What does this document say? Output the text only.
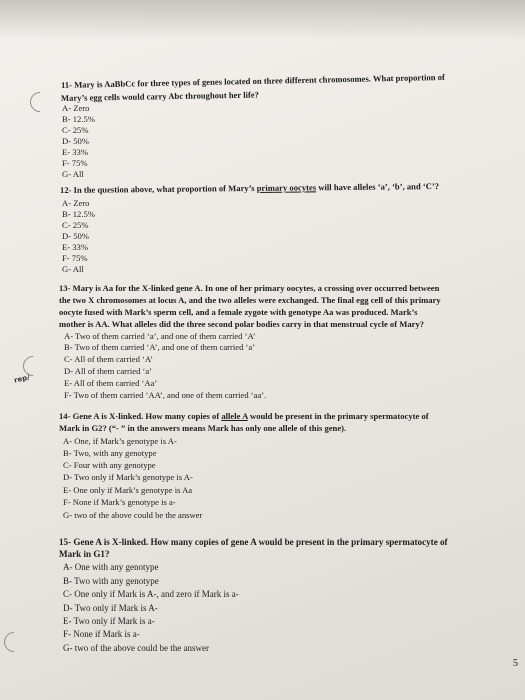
rep/
11- Mary is AaBbCc for three types of genes located on three different chromosomes. What proportion of
Mary’s egg cells would carry Abc throughout her life?
A- Zero
B- 12.5%
C- 25%
D- 50%
E- 33%
F- 75%
G- All
12- In the question above, what proportion of Mary’s primary oocytes will have alleles ‘a’, ‘b’, and ‘C’?
A- Zero
B- 12.5%
C- 25%
D- 50%
E- 33%
F- 75%
G- All
13- Mary is Aa for the X-linked gene A. In one of her primary oocytes, a crossing over occurred between
the two X chromosomes at locus A, and the two alleles were exchanged. The final egg cell of this primary
oocyte fused with Mark’s sperm cell, and a female zygote with genotype Aa was produced. Mark’s
mother is AA. What alleles did the three second polar bodies carry in that menstrual cycle of Mary?
A- Two of them carried ‘a’, and one of them carried ‘A’
B- Two of them carried ‘A’, and one of them carried ‘a’
C- All of them carried ‘A’
D- All of them carried ‘a’
E- All of them carried ‘Aa’
F- Two of them carried ‘AA’, and one of them carried ‘aa’.
14- Gene A is X-linked. How many copies of allele A would be present in the primary spermatocyte of
Mark in G2? (“- ” in the answers means Mark has only one allele of this gene).
A- One, if Mark’s genotype is A-
B- Two, with any genotype
C- Four with any genotype
D- Two only if Mark’s genotype is A-
E- One only if Mark’s genotype is Aa
F- None if Mark’s genotype is a-
G- two of the above could be the answer
15- Gene A is X-linked. How many copies of gene A would be present in the primary spermatocyte of
Mark in G1?
A- One with any genotype
B- Two with any genotype
C- One only if Mark is A-, and zero if Mark is a-
D- Two only if Mark is A-
E- Two only if Mark is a-
F- None if Mark is a-
G- two of the above could be the answer
5
